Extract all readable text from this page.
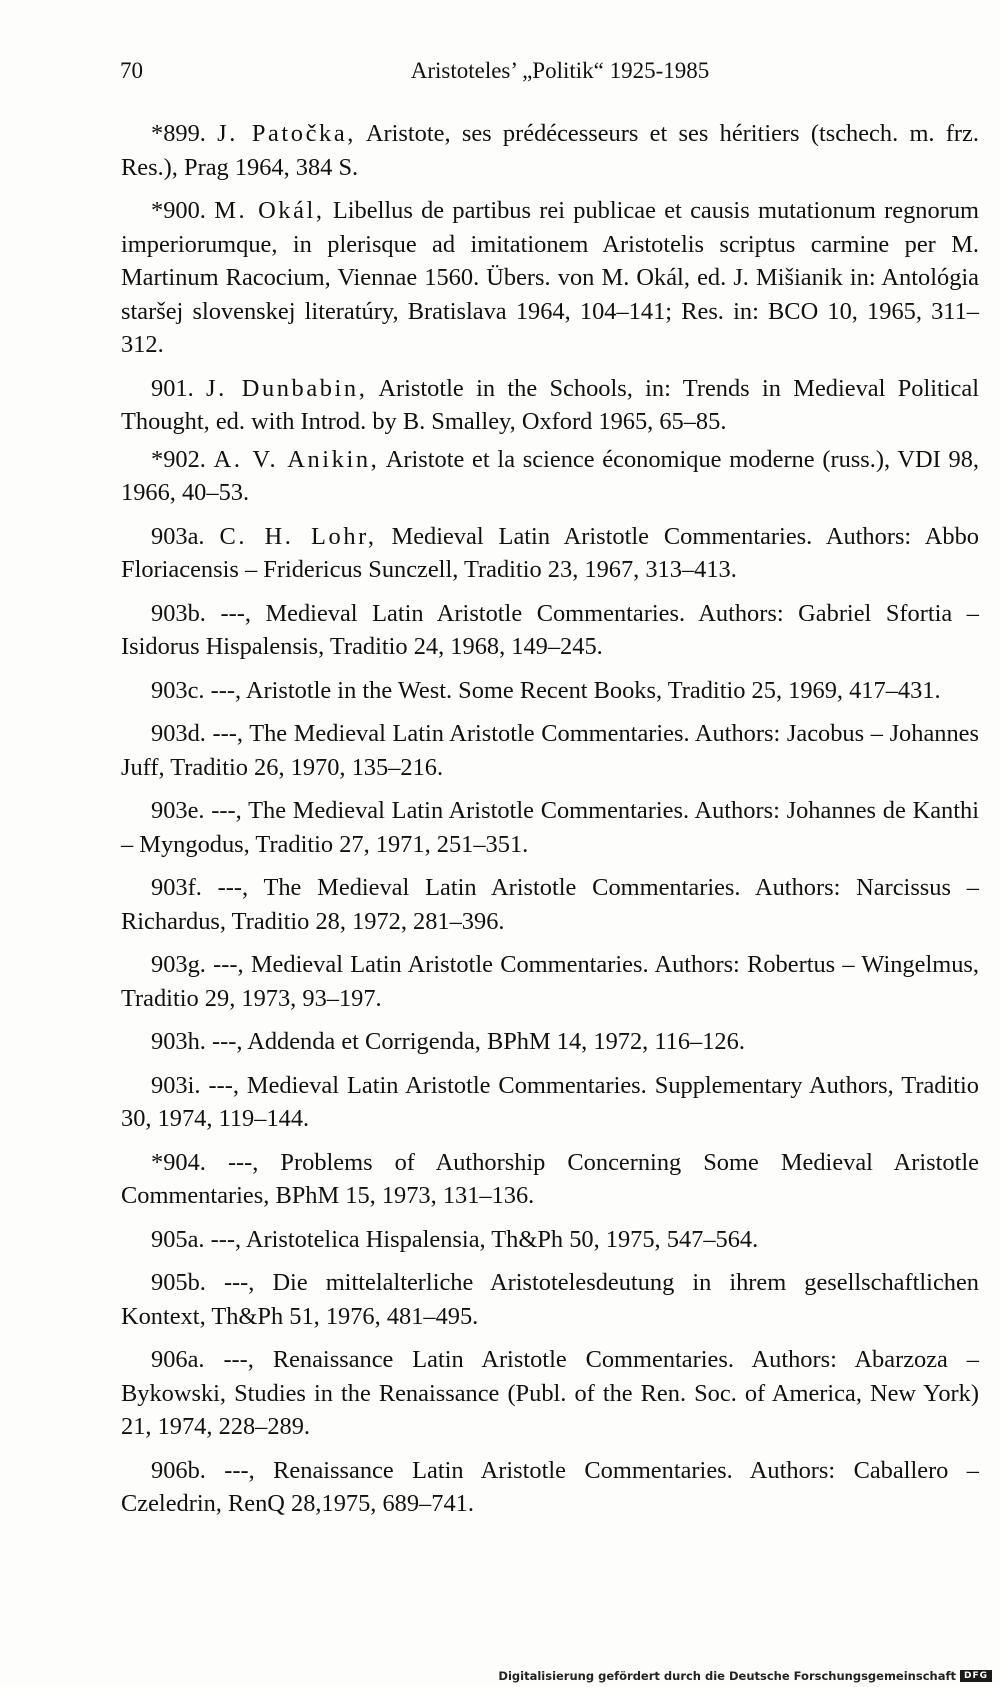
70	Aristoteles’ „Politik“ 1925-1985

*899. J. Patočka, Aristote, ses prédécesseurs et ses héritiers (tschech. m. frz. Res.), Prag 1964, 384 S.

*900. M. Okál, Libellus de partibus rei publicae et causis mutationum regnorum imperiorumque, in plerisque ad imitationem Aristotelis scriptus carmine per M. Martinum Racocium, Viennae 1560. Übers. von M. Okál, ed. J. Mišianik in: Antológia staršej slovenskej literatúry, Bratislava 1964, 104–141; Res. in: BCO 10, 1965, 311–312.

901. J. Dunbabin, Aristotle in the Schools, in: Trends in Medieval Political Thought, ed. with Introd. by B. Smalley, Oxford 1965, 65–85.

*902. A. V. Anikin, Aristote et la science économique moderne (russ.), VDI 98, 1966, 40–53.

903a. C. H. Lohr, Medieval Latin Aristotle Commentaries. Authors: Abbo Floriacensis – Fridericus Sunczell, Traditio 23, 1967, 313–413.

903b. ---, Medieval Latin Aristotle Commentaries. Authors: Gabriel Sfortia – Isidorus Hispalensis, Traditio 24, 1968, 149–245.

903c. ---, Aristotle in the West. Some Recent Books, Traditio 25, 1969, 417–431.

903d. ---, The Medieval Latin Aristotle Commentaries. Authors: Jacobus – Johannes Juff, Traditio 26, 1970, 135–216.

903e. ---, The Medieval Latin Aristotle Commentaries. Authors: Johannes de Kanthi – Myngodus, Traditio 27, 1971, 251–351.

903f. ---, The Medieval Latin Aristotle Commentaries. Authors: Narcissus – Richardus, Traditio 28, 1972, 281–396.

903g. ---, Medieval Latin Aristotle Commentaries. Authors: Robertus – Wingelmus, Traditio 29, 1973, 93–197.

903h. ---, Addenda et Corrigenda, BPhM 14, 1972, 116–126.

903i. ---, Medieval Latin Aristotle Commentaries. Supplementary Authors, Traditio 30, 1974, 119–144.

*904. ---, Problems of Authorship Concerning Some Medieval Aristotle Commentaries, BPhM 15, 1973, 131–136.

905a. ---, Aristotelica Hispalensia, Th&Ph 50, 1975, 547–564.

905b. ---, Die mittelalterliche Aristotelesdeutung in ihrem gesellschaftlichen Kontext, Th&Ph 51, 1976, 481–495.

906a. ---, Renaissance Latin Aristotle Commentaries. Authors: Abarzoza – Bykowski, Studies in the Renaissance (Publ. of the Ren. Soc. of America, New York) 21, 1974, 228–289.

906b. ---, Renaissance Latin Aristotle Commentaries. Authors: Caballero – Czeledrin, RenQ 28,1975, 689–741.

Digitalisierung gefördert durch die Deutsche Forschungsgemeinschaft DFG
